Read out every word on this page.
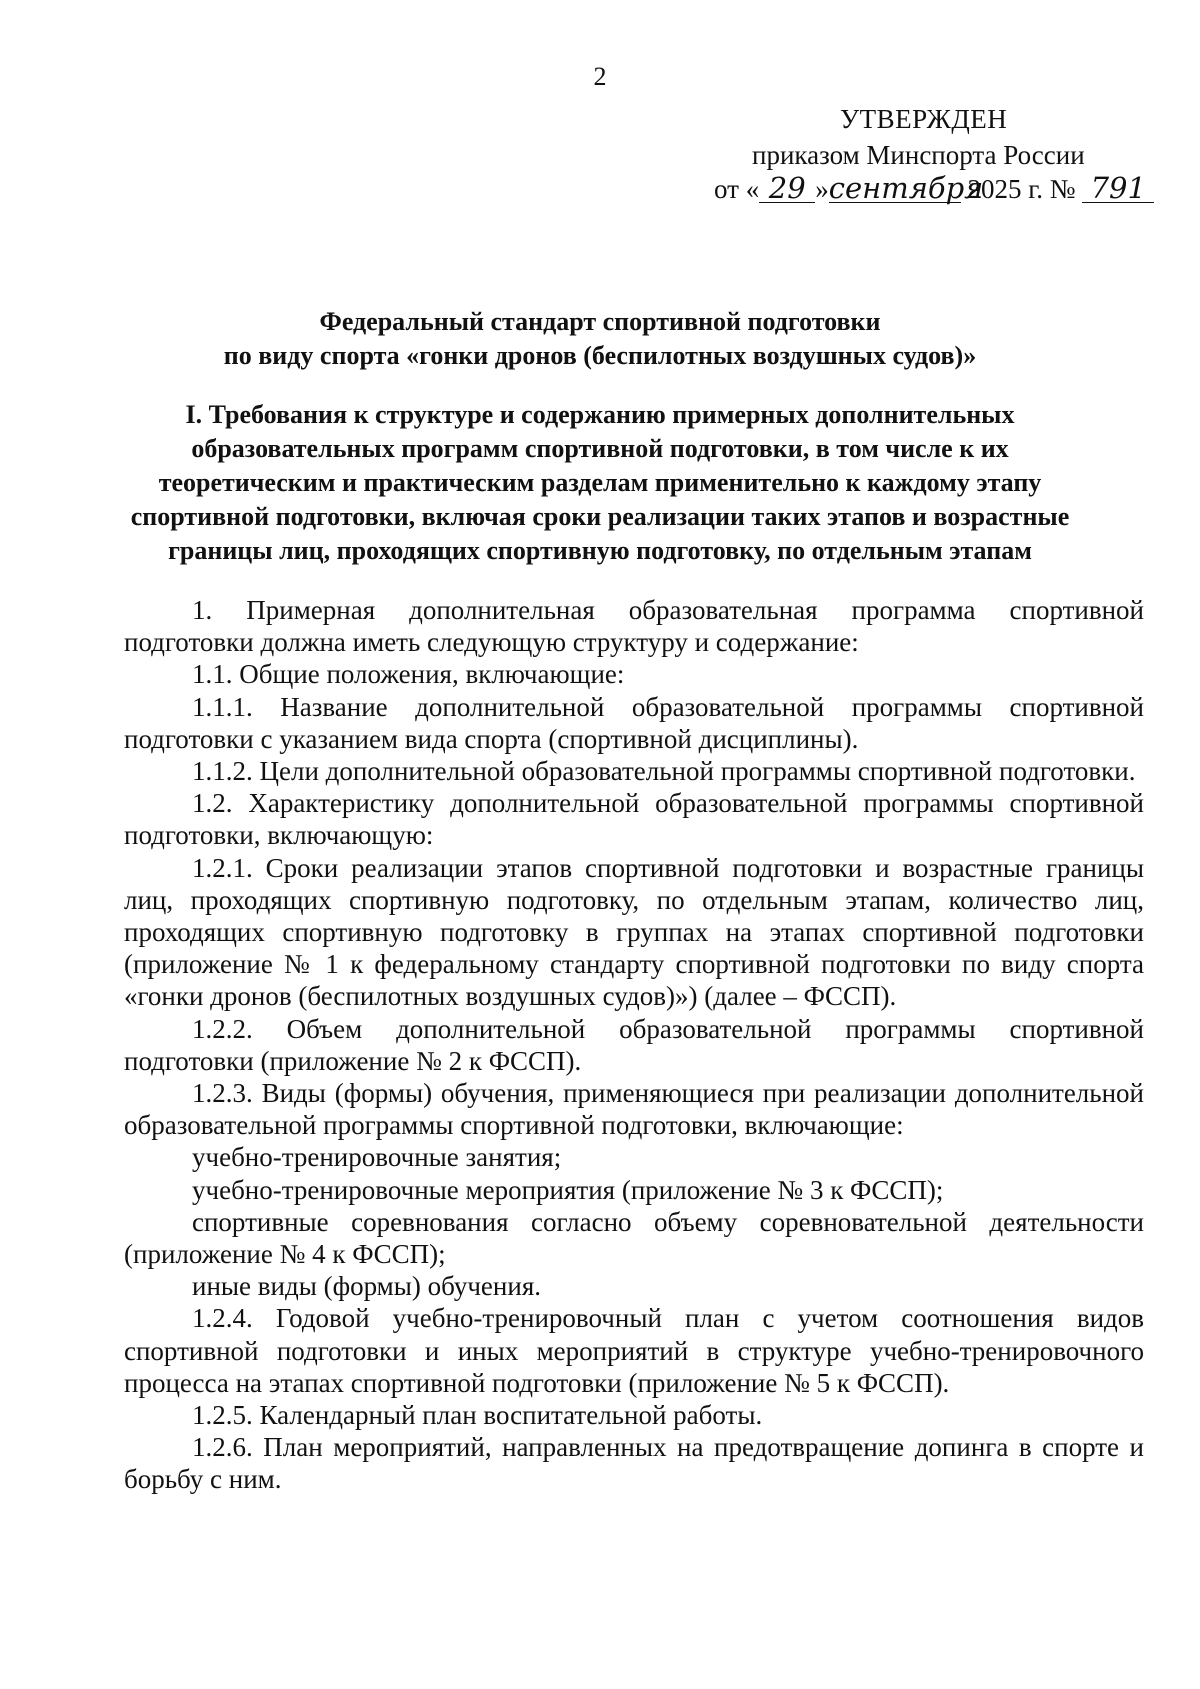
2
УТВЕРЖДЕН
приказом Минспорта России
от « 29 »сентября 2025 г. № 791
Федеральный стандарт спортивной подготовки
по виду спорта «гонки дронов (беспилотных воздушных судов)»
I. Требования к структуре и содержанию примерных дополнительных образовательных программ спортивной подготовки, в том числе к их теоретическим и практическим разделам применительно к каждому этапу спортивной подготовки, включая сроки реализации таких этапов и возрастные границы лиц, проходящих спортивную подготовку, по отдельным этапам

1. Примерная дополнительная образовательная программа спортивной подготовки должна иметь следующую структуру и содержание:

1.1. Общие положения, включающие:

1.1.1. Название дополнительной образовательной программы спортивной подготовки с указанием вида спорта (спортивной дисциплины).

1.1.2. Цели дополнительной образовательной программы спортивной подготовки.

1.2. Характеристику дополнительной образовательной программы спортивной подготовки, включающую:

1.2.1. Сроки реализации этапов спортивной подготовки и возрастные границы лиц, проходящих спортивную подготовку, по отдельным этапам, количество лиц, проходящих спортивную подготовку в группах на этапах спортивной подготовки (приложение № 1 к федеральному стандарту спортивной подготовки по виду спорта «гонки дронов (беспилотных воздушных судов)») (далее – ФССП).

1.2.2. Объем дополнительной образовательной программы спортивной подготовки (приложение № 2 к ФССП).

1.2.3. Виды (формы) обучения, применяющиеся при реализации дополнительной образовательной программы спортивной подготовки, включающие:

учебно-тренировочные занятия;

учебно-тренировочные мероприятия (приложение № 3 к ФССП);

спортивные соревнования согласно объему соревновательной деятельности (приложение № 4 к ФССП);

иные виды (формы) обучения.

1.2.4. Годовой учебно-тренировочный план с учетом соотношения видов спортивной подготовки и иных мероприятий в структуре учебно-тренировочного процесса на этапах спортивной подготовки (приложение № 5 к ФССП).

1.2.5. Календарный план воспитательной работы.

1.2.6. План мероприятий, направленных на предотвращение допинга в спорте и борьбу с ним.
